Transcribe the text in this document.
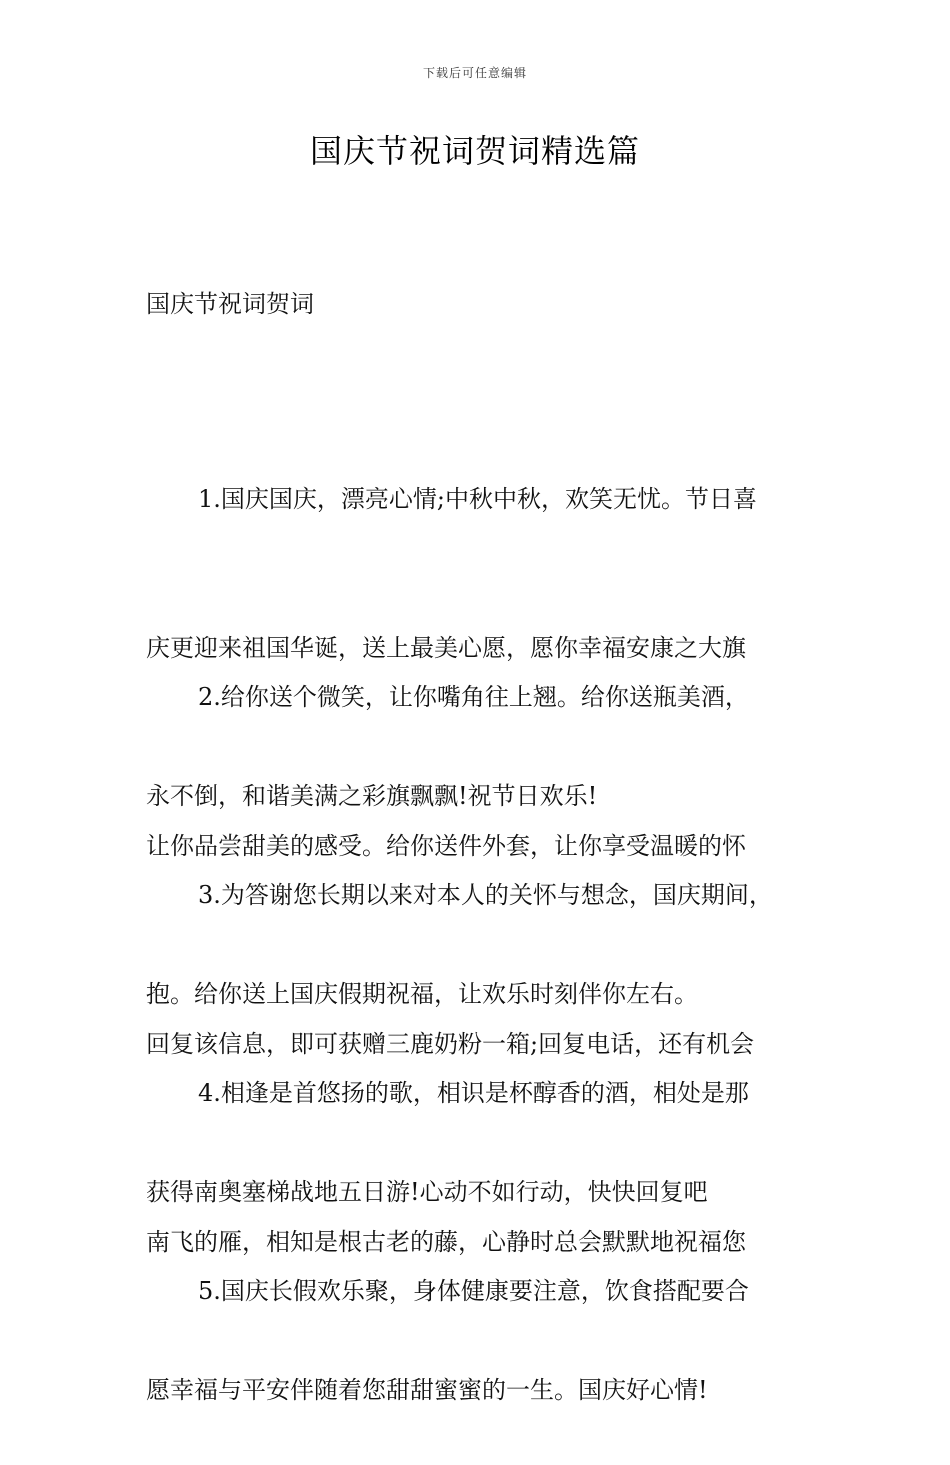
下载后可任意编辑
国庆节祝词贺词精选篇
国庆节祝词贺词

1.国庆国庆，漂亮心情;中秋中秋，欢笑无忧。节日喜

庆更迎来祖国华诞，送上最美心愿，愿你幸福安康之大旗

永不倒，和谐美满之彩旗飘飘!祝节日欢乐!

2.给你送个微笑，让你嘴角往上翘。给你送瓶美酒，

让你品尝甜美的感受。给你送件外套，让你享受温暖的怀

抱。给你送上国庆假期祝福，让欢乐时刻伴你左右。

3.为答谢您长期以来对本人的关怀与想念，国庆期间，

回复该信息，即可获赠三鹿奶粉一箱;回复电话，还有机会

获得南奥塞梯战地五日游!心动不如行动，快快回复吧

4.相逢是首悠扬的歌，相识是杯醇香的酒，相处是那

南飞的雁，相知是根古老的藤，心静时总会默默地祝福您

愿幸福与平安伴随着您甜甜蜜蜜的一生。国庆好心情!

5.国庆长假欢乐聚，身体健康要注意，饮食搭配要合
